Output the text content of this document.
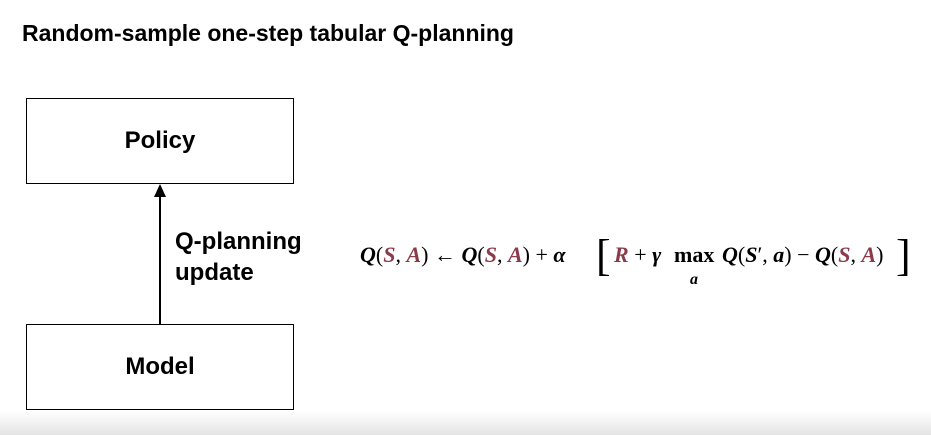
Random-sample one-step tabular Q-planning
Policy
Q-planning
update
Model
Q(S, A) ← Q(S, A) + α [ R + γ max
a
Q(S′, a) − Q(S, A) ]
